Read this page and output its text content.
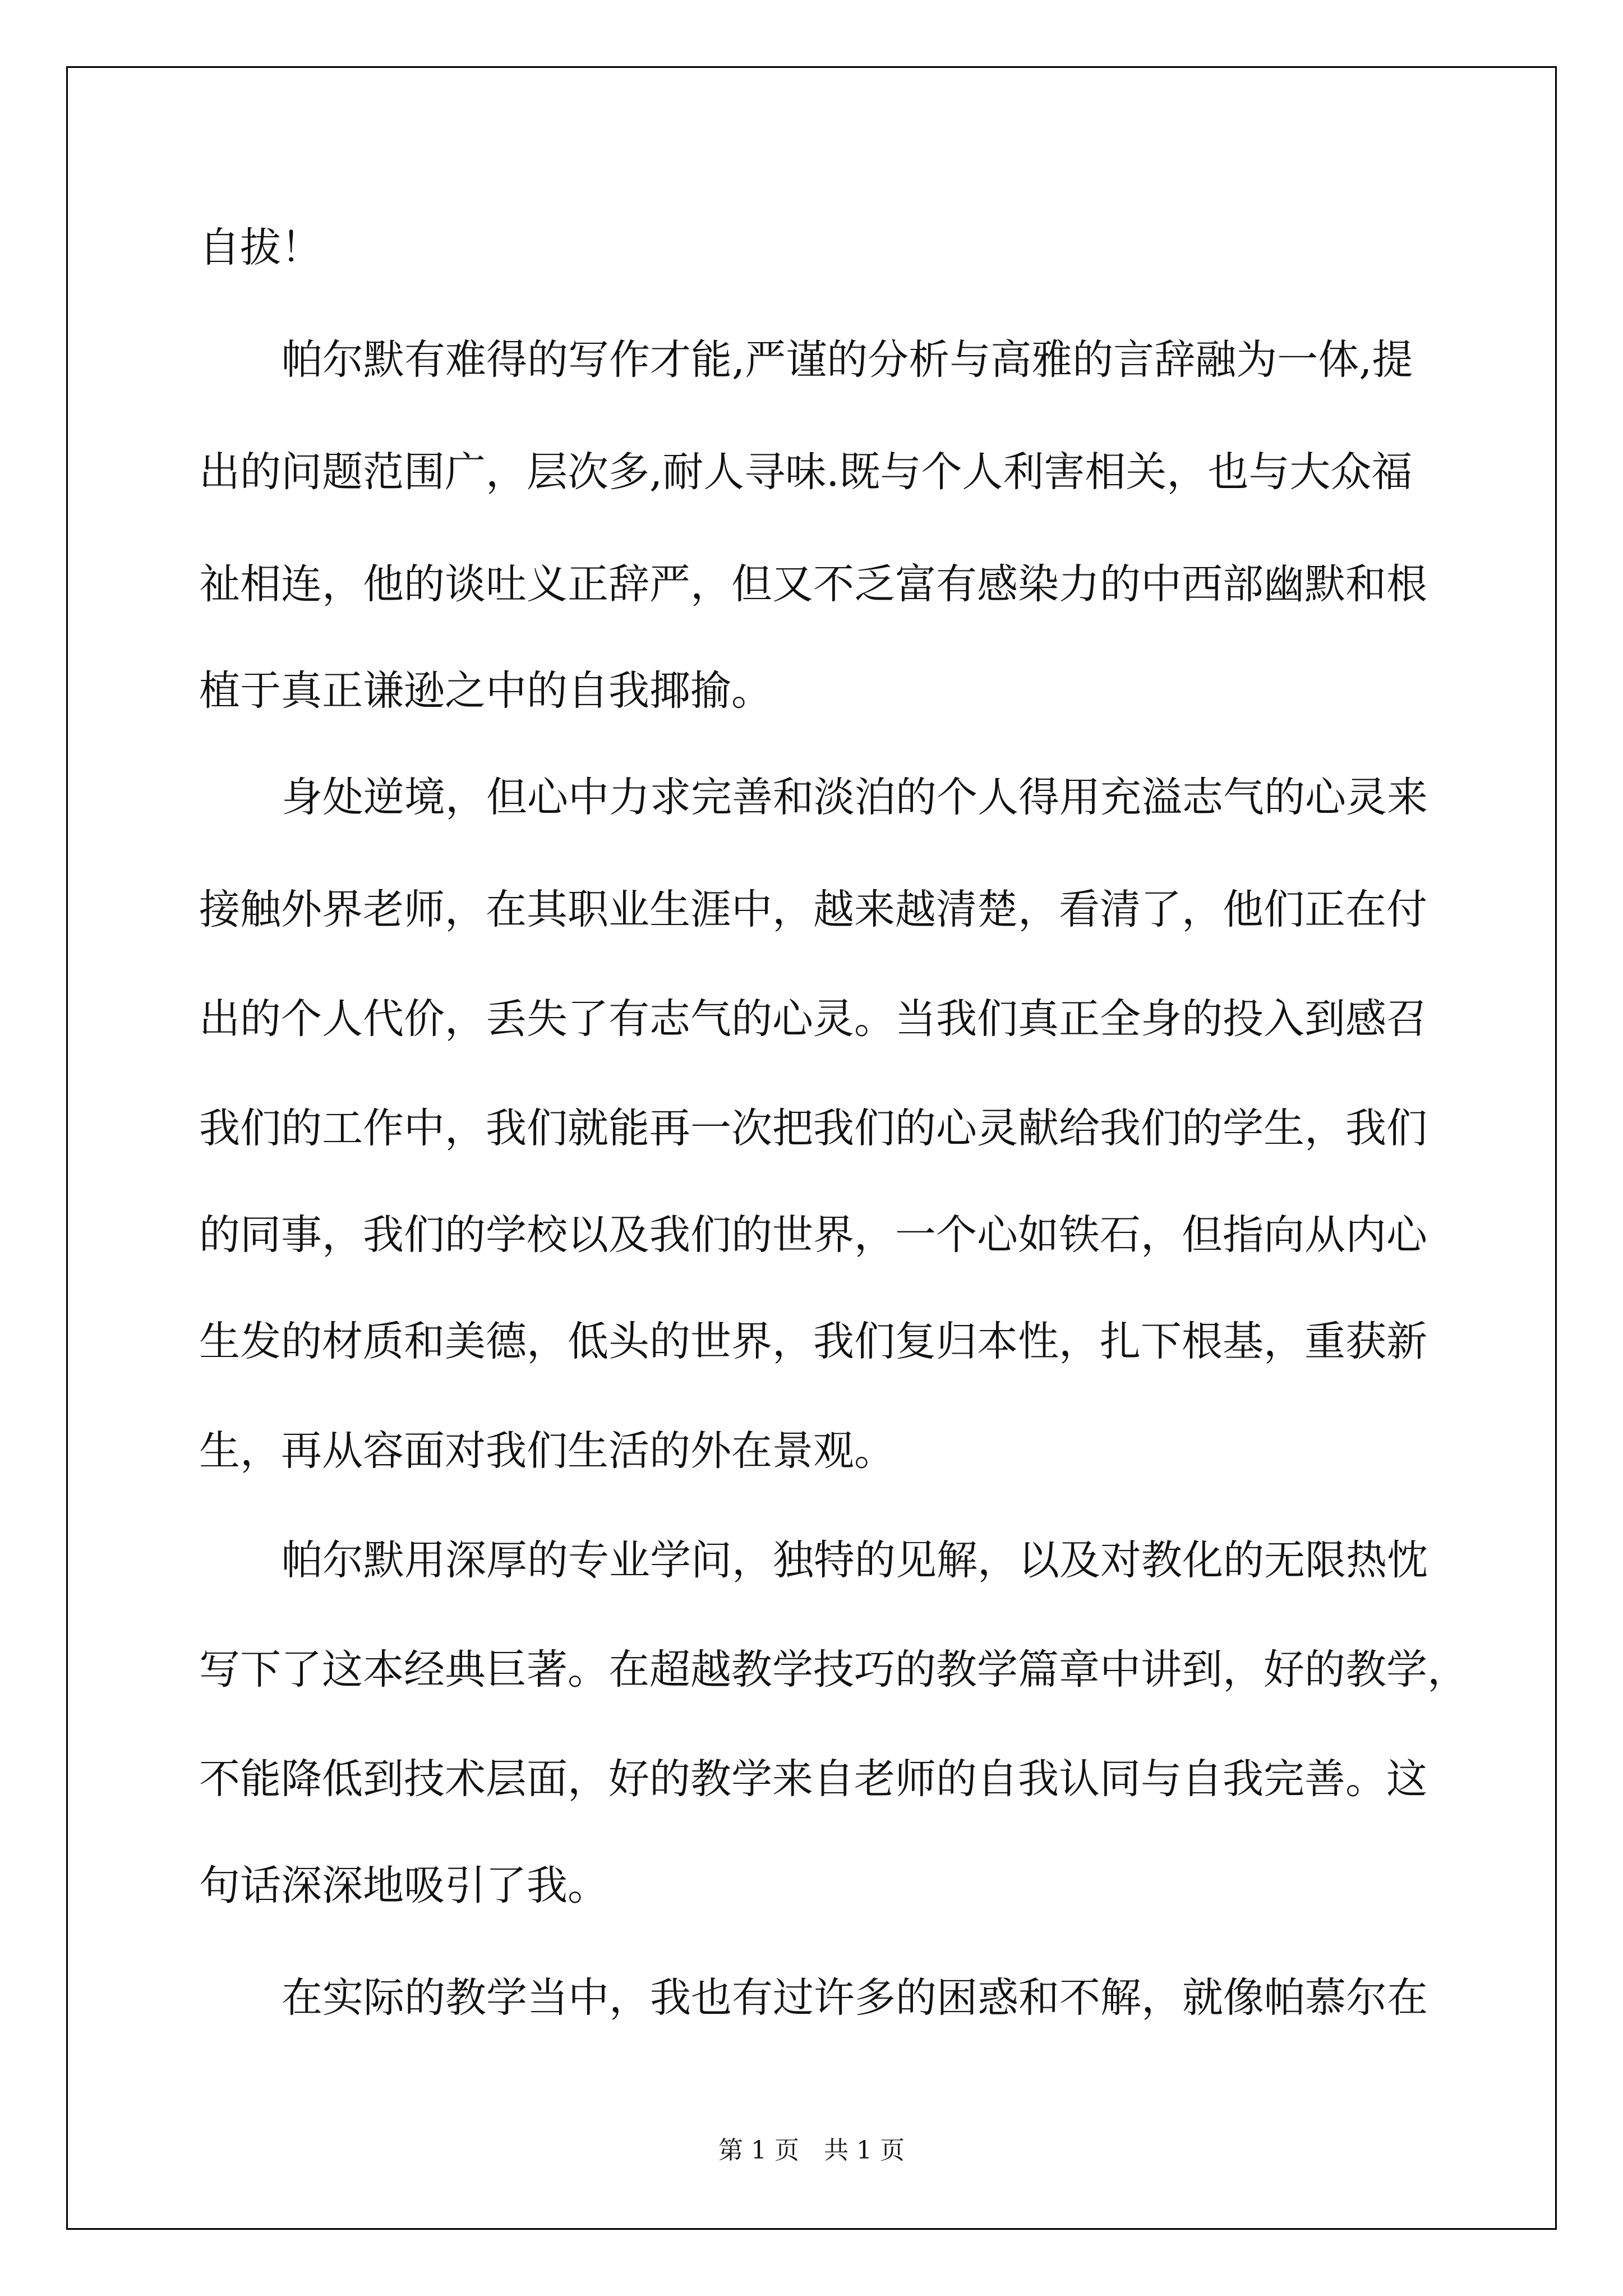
自拔！
帕尔默有难得的写作才能,严谨的分析与高雅的言辞融为一体,提
出的问题范围广，层次多,耐人寻味.既与个人利害相关，也与大众福
祉相连，他的谈吐义正辞严，但又不乏富有感染力的中西部幽默和根
植于真正谦逊之中的自我揶揄。
身处逆境，但心中力求完善和淡泊的个人得用充溢志气的心灵来
接触外界老师，在其职业生涯中，越来越清楚，看清了，他们正在付
出的个人代价，丢失了有志气的心灵。当我们真正全身的投入到感召
我们的工作中，我们就能再一次把我们的心灵献给我们的学生，我们
的同事，我们的学校以及我们的世界，一个心如铁石，但指向从内心
生发的材质和美德，低头的世界，我们复归本性，扎下根基，重获新
生，再从容面对我们生活的外在景观。
帕尔默用深厚的专业学问，独特的见解，以及对教化的无限热忱
写下了这本经典巨著。在超越教学技巧的教学篇章中讲到，好的教学，
不能降低到技术层面，好的教学来自老师的自我认同与自我完善。这
句话深深地吸引了我。
在实际的教学当中，我也有过许多的困惑和不解，就像帕慕尔在
第 1 页　共 1 页
